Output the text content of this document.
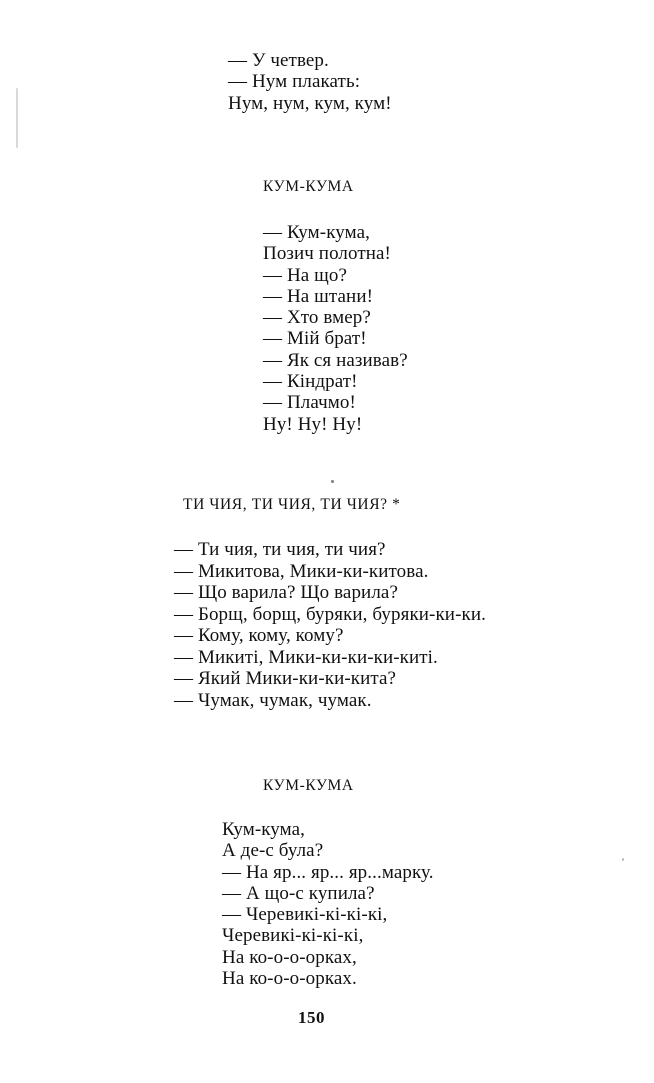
— У четвер.
— Нум плакать:
Нум, нум, кум, кум!
КУМ-КУМА
— Кум-кума,
Позич полотна!
— На що?
— На штани!
— Хто вмер?
— Мій брат!
— Як ся називав?
— Кіндрат!
— Плачмо!
Ну! Ну! Ну!
ТИ ЧИЯ, ТИ ЧИЯ, ТИ ЧИЯ? *
— Ти чия, ти чия, ти чия?
— Микитова, Мики-ки-китова.
— Що варила? Що варила?
— Борщ, борщ, буряки, буряки-ки-ки.
— Кому, кому, кому?
— Микиті, Мики-ки-ки-ки-киті.
— Який Мики-ки-ки-кита?
— Чумак, чумак, чумак.
КУМ-КУМА
Кум-кума,
А де-с була?
— На яр... яр... яр...марку.
— А що-с купила?
— Черевикі-кі-кі-кі,
Черевикі-кі-кі-кі,
На ко-о-о-орках,
На ко-о-о-орках.
150
